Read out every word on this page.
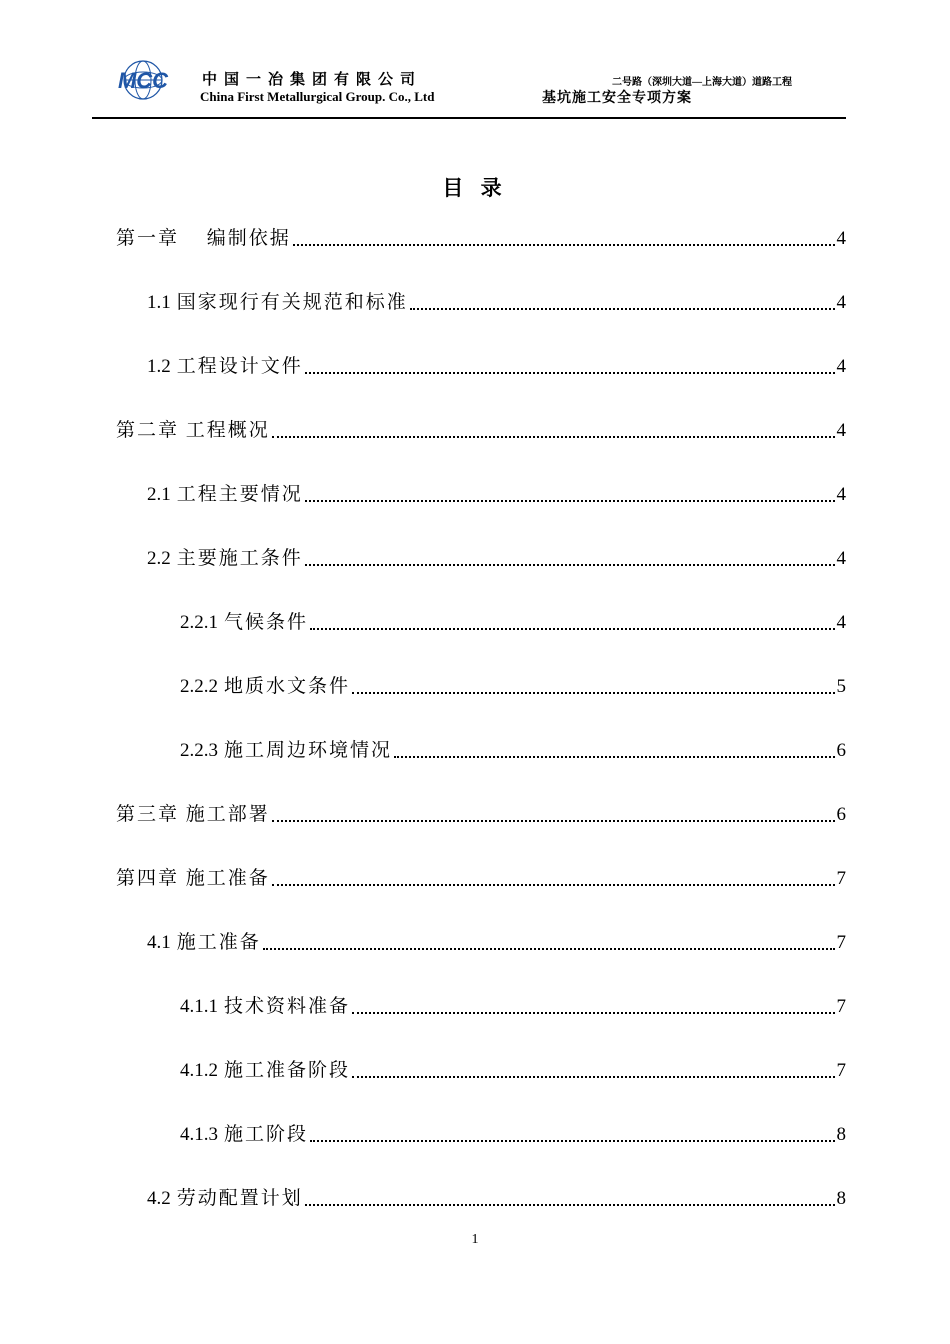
MCC 中国一冶集团有限公司
China First Metallurgical Group. Co., Ltd
二号路（深圳大道—上海大道）道路工程
基坑施工安全专项方案
目 录
第一章　 编制依据	4
1.1 国家现行有关规范和标准	4
1.2 工程设计文件	4
第二章 工程概况	4
2.1 工程主要情况	4
2.2 主要施工条件	4
2.2.1 气候条件	4
2.2.2 地质水文条件	5
2.2.3 施工周边环境情况	6
第三章 施工部署	6
第四章 施工准备	7
4.1 施工准备	7
4.1.1 技术资料准备	7
4.1.2 施工准备阶段	7
4.1.3 施工阶段	8
4.2 劳动配置计划	8
1
